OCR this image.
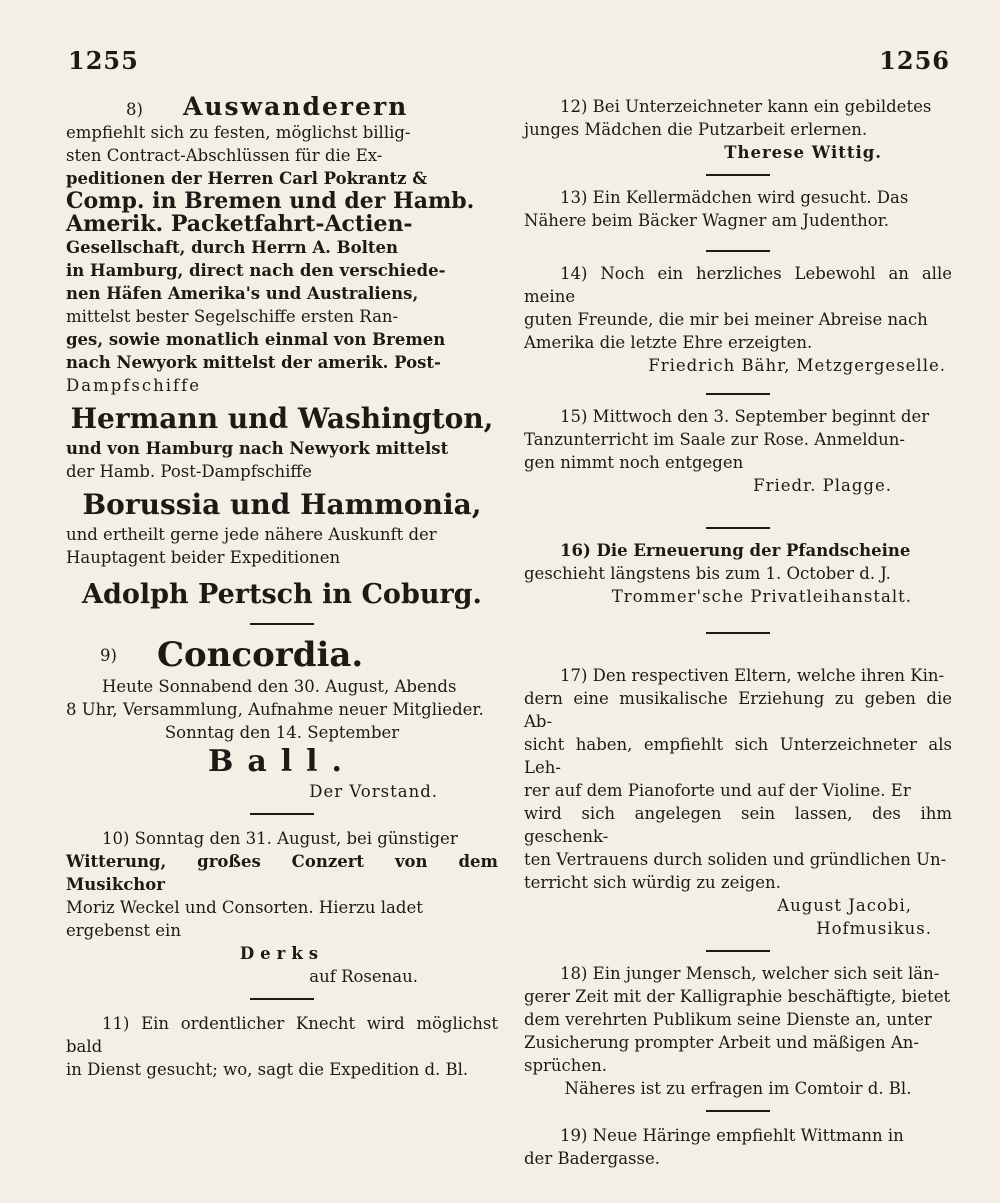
1255	1256
8) Auswanderern
empfiehlt sich zu festen, möglichst billig-
sten Contract-Abschlüssen für die Ex-
peditionen der Herren Carl Pokrantz &
Comp. in Bremen und der Hamb.
Amerik. Packetfahrt-Actien-
Gesellschaft, durch Herrn A. Bolten
in Hamburg, direct nach den verschiede-
nen Häfen Amerika's und Australiens,
mittelst bester Segelschiffe ersten Ran-
ges, sowie monatlich einmal von Bremen
nach Newyork mittelst der amerik. Post-
Dampfschiffe
Hermann und Washington,
und von Hamburg nach Newyork mittelst
der Hamb. Post-Dampfschiffe
Borussia und Hammonia,
und ertheilt gerne jede nähere Auskunft der
Hauptagent beider Expeditionen
Adolph Pertsch in Coburg.
9) Concordia.
Heute Sonnabend den 30. August, Abends
8 Uhr, Versammlung, Aufnahme neuer Mitglieder.
Sonntag den 14. September
Ball.
Der Vorstand.
10) Sonntag den 31. August, bei günstiger
Witterung, großes Conzert von dem Musikchor
Moriz Weckel und Consorten. Hierzu ladet
ergebenst ein
Derks
auf Rosenau.
11) Ein ordentlicher Knecht wird möglichst bald
in Dienst gesucht; wo, sagt die Expedition d. Bl.
12) Bei Unterzeichneter kann ein gebildetes
junges Mädchen die Putzarbeit erlernen.
Therese Wittig.
13) Ein Kellermädchen wird gesucht. Das
Nähere beim Bäcker Wagner am Judenthor.
14) Noch ein herzliches Lebewohl an alle meine
guten Freunde, die mir bei meiner Abreise nach
Amerika die letzte Ehre erzeigten.
Friedrich Bähr, Metzgergeselle.
15) Mittwoch den 3. September beginnt der
Tanzunterricht im Saale zur Rose. Anmeldun-
gen nimmt noch entgegen
Friedr. Plagge.
16) Die Erneuerung der Pfandscheine
geschieht längstens bis zum 1. October d. J.
Trommer'sche Privatleihanstalt.
17) Den respectiven Eltern, welche ihren Kin-
dern eine musikalische Erziehung zu geben die Ab-
sicht haben, empfiehlt sich Unterzeichneter als Leh-
rer auf dem Pianoforte und auf der Violine. Er
wird sich angelegen sein lassen, des ihm geschenk-
ten Vertrauens durch soliden und gründlichen Un-
terricht sich würdig zu zeigen.
August Jacobi,
Hofmusikus.
18) Ein junger Mensch, welcher sich seit län-
gerer Zeit mit der Kalligraphie beschäftigte, bietet
dem verehrten Publikum seine Dienste an, unter
Zusicherung prompter Arbeit und mäßigen An-
sprüchen.
Näheres ist zu erfragen im Comtoir d. Bl.
19) Neue Häringe empfiehlt Wittmann in
der Badergasse.
